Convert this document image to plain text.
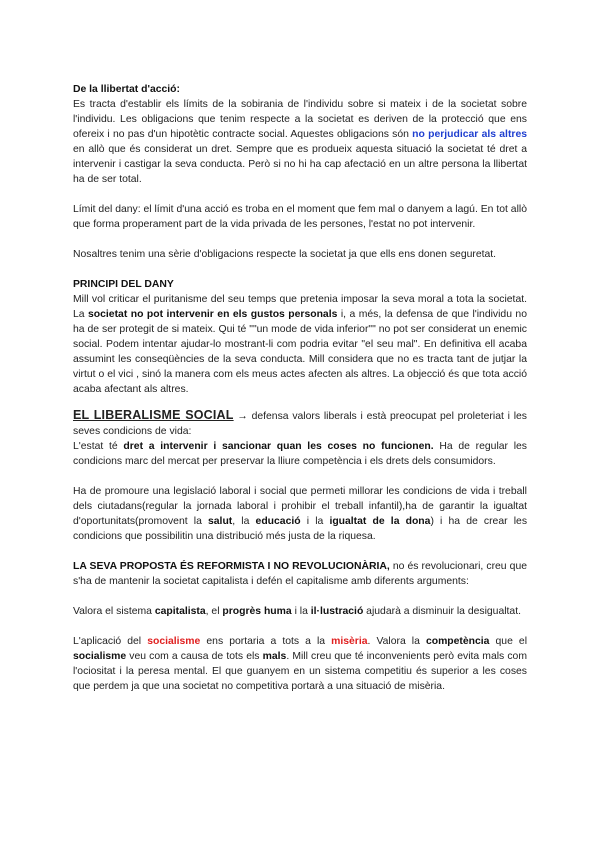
De la llibertat d'acció:

Es tracta d'establir els límits de la sobirania de l'individu sobre si mateix i de la societat sobre l'individu. Les obligacions que tenim respecte a la societat es deriven de la protecció que ens ofereix i no pas d'un hipotètic contracte social. Aquestes obligacions són no perjudicar als altres en allò que és considerat un dret. Sempre que es produeix aquesta situació la societat té dret a intervenir i castigar la seva conducta. Però si no hi ha cap afectació en un altre persona la llibertat ha de ser total.

Límit del dany: el límit d'una acció es troba en el moment que fem mal o danyem a lagú. En tot allò que forma properament part de la vida privada de les persones, l'estat no pot intervenir.

Nosaltres tenim una sèrie d'obligacions respecte la societat ja que ells ens donen seguretat.

PRINCIPI DEL DANY

Mill vol criticar el puritanisme del seu temps que pretenia imposar la seva moral a tota la societat. La societat no pot intervenir en els gustos personals i, a més, la defensa de que l'individu no ha de ser protegit de si mateix. Qui té ""un mode de vida inferior"" no pot ser considerat un enemic social. Podem intentar ajudar-lo mostrant-li com podria evitar "el seu mal". En definitiva ell acaba assumint les conseqüències de la seva conducta. Mill considera que no es tracta tant de jutjar la virtut o el vici , sinó la manera com els meus actes afecten als altres. La objecció és que tota acció acaba afectant als altres.

EL LIBERALISME SOCIAL → defensa valors liberals i està preocupat pel proleteriat i les seves condicions de vida:

L'estat té dret a intervenir i sancionar quan les coses no funcionen. Ha de regular les condicions marc del mercat per preservar la lliure competència i els drets dels consumidors.

Ha de promoure una legislació laboral i social que permeti millorar les condicions de vida i treball dels ciutadans(regular la jornada laboral i prohibir el treball infantil),ha de garantir la igualtat d'oportunitats(promovent la salut, la educació i la igualtat de la dona) i ha de crear les condicions que possibilitin una distribució més justa de la riquesa.

LA SEVA PROPOSTA ÉS REFORMISTA I NO REVOLUCIONÀRIA, no és revolucionari, creu que s'ha de mantenir la societat capitalista i defén el capitalisme amb diferents arguments:

Valora el sistema capitalista, el progrès huma i la il·lustració ajudarà a disminuir la desigualtat.

L'aplicació del socialisme ens portaria a tots a la misèria. Valora la competència que el socialisme veu com a causa de tots els mals. Mill creu que té inconvenients però evita mals com l'ociositat i la peresa mental. El que guanyem en un sistema competitiu és superior a les coses que perdem ja que una societat no competitiva portarà a una situació de misèria.
